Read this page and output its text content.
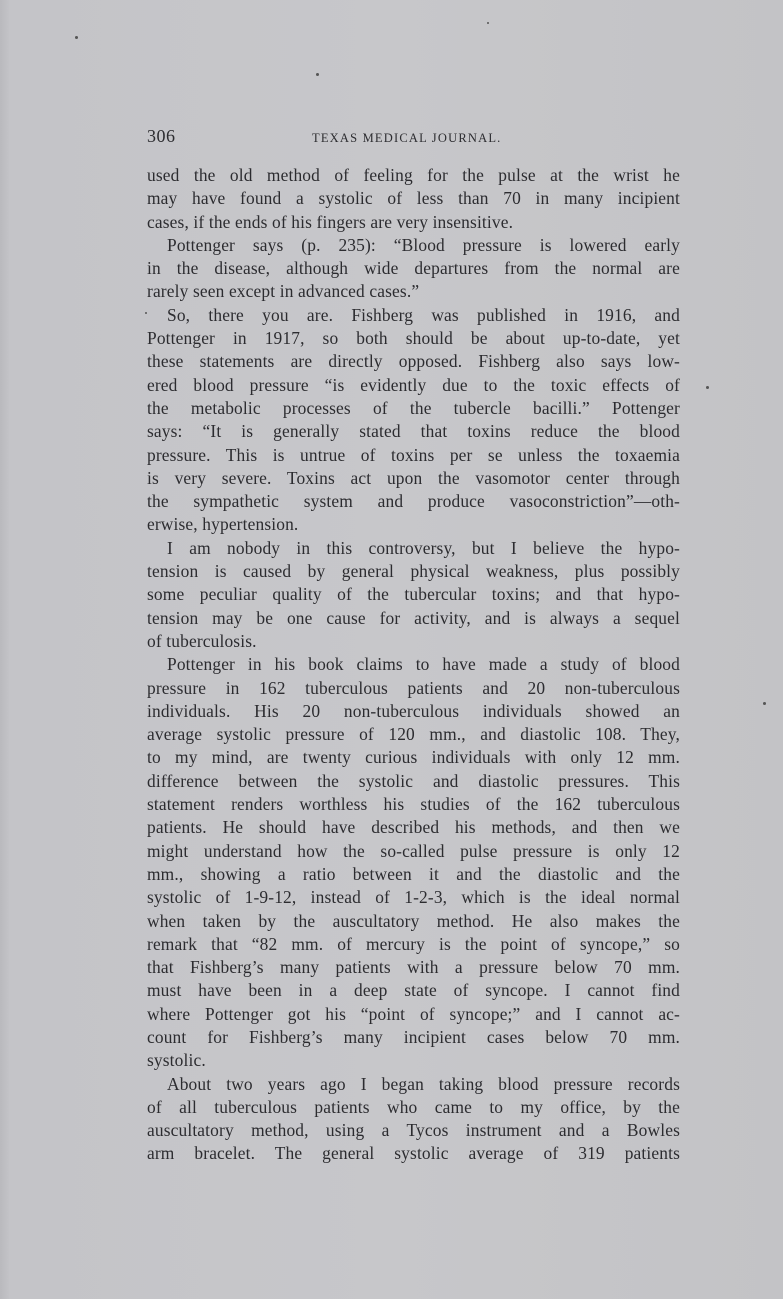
306	TEXAS MEDICAL JOURNAL.
used the old method of feeling for the pulse at the wrist he
may have found a systolic of less than 70 in many incipient
cases, if the ends of his fingers are very insensitive.
Pottenger says (p. 235): “Blood pressure is lowered early
in the disease, although wide departures from the normal are
rarely seen except in advanced cases.”
So, there you are. Fishberg was published in 1916, and
Pottenger in 1917, so both should be about up-to-date, yet
these statements are directly opposed. Fishberg also says low-
ered blood pressure “is evidently due to the toxic effects of
the metabolic processes of the tubercle bacilli.” Pottenger
says: “It is generally stated that toxins reduce the blood
pressure. This is untrue of toxins per se unless the toxaemia
is very severe. Toxins act upon the vasomotor center through
the sympathetic system and produce vasoconstriction”—oth-
erwise, hypertension.
I am nobody in this controversy, but I believe the hypo-
tension is caused by general physical weakness, plus possibly
some peculiar quality of the tubercular toxins; and that hypo-
tension may be one cause for activity, and is always a sequel
of tuberculosis.
Pottenger in his book claims to have made a study of blood
pressure in 162 tuberculous patients and 20 non-tuberculous
individuals. His 20 non-tuberculous individuals showed an
average systolic pressure of 120 mm., and diastolic 108. They,
to my mind, are twenty curious individuals with only 12 mm.
difference between the systolic and diastolic pressures. This
statement renders worthless his studies of the 162 tuberculous
patients. He should have described his methods, and then we
might understand how the so-called pulse pressure is only 12
mm., showing a ratio between it and the diastolic and the
systolic of 1-9-12, instead of 1-2-3, which is the ideal normal
when taken by the auscultatory method. He also makes the
remark that “82 mm. of mercury is the point of syncope,” so
that Fishberg’s many patients with a pressure below 70 mm.
must have been in a deep state of syncope. I cannot find
where Pottenger got his “point of syncope;” and I cannot ac-
count for Fishberg’s many incipient cases below 70 mm.
systolic.
About two years ago I began taking blood pressure records
of all tuberculous patients who came to my office, by the
auscultatory method, using a Tycos instrument and a Bowles
arm bracelet. The general systolic average of 319 patients
